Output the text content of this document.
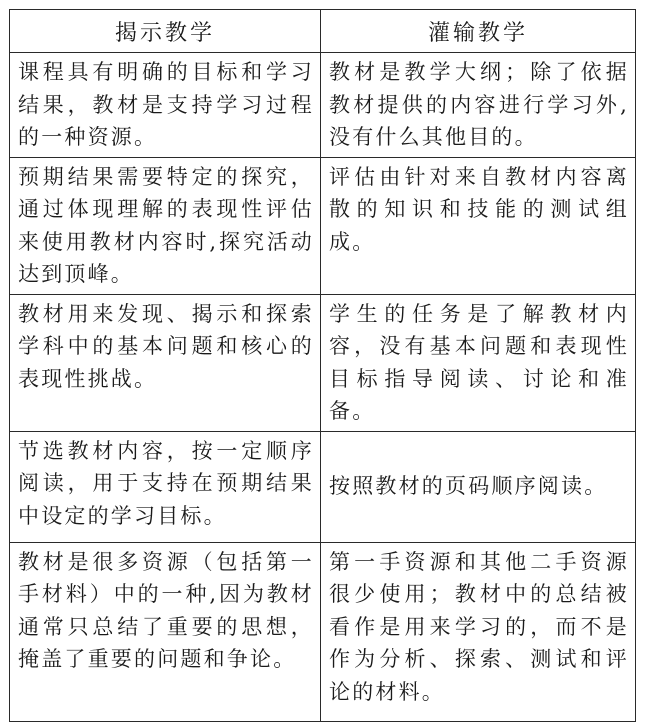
揭示教学	灌输教学
课程具有明确的目标和学习结果，教材是支持学习过程的一种资源。	教材是教学大纲；除了依据教材提供的内容进行学习外,没有什么其他目的。
预期结果需要特定的探究，通过体现理解的表现性评估来使用教材内容时,探究活动达到顶峰。	评估由针对来自教材内容离散的知识和技能的测试组成。
教材用来发现、揭示和探索学科中的基本问题和核心的表现性挑战。	学生的任务是了解教材内容，没有基本问题和表现性目标指导阅读、讨论和准备。
节选教材内容，按一定顺序阅读，用于支持在预期结果中设定的学习目标。	按照教材的页码顺序阅读。
教材是很多资源（包括第一手材料）中的一种,因为教材通常只总结了重要的思想，掩盖了重要的问题和争论。	第一手资源和其他二手资源很少使用；教材中的总结被看作是用来学习的，而不是作为分析、探索、测试和评论的材料。
